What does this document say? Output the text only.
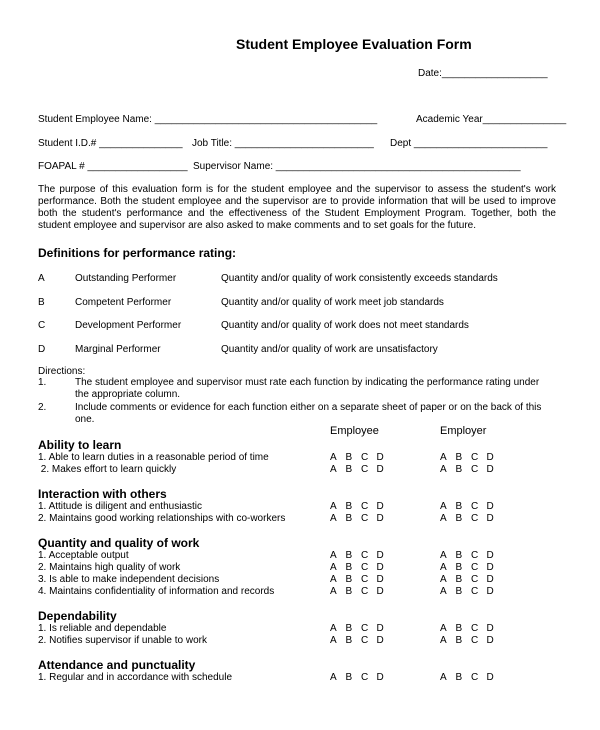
Student Employee Evaluation Form
Date:___________________
Student Employee Name: ________________________________________	Academic Year_______________
Student I.D.# _______________ Job Title: _________________________ Dept ________________________
FOAPAL # __________________ Supervisor Name: ____________________________________________
The purpose of this evaluation form is for the student employee and the supervisor to assess the student's work performance. Both the student employee and the supervisor are to provide information that will be used to improve both the student's performance and the effectiveness of the Student Employment Program. Together, both the student employee and supervisor are also asked to make comments and to set goals for the future.
Definitions for performance rating:
A	Outstanding Performer	Quantity and/or quality of work consistently exceeds standards
B	Competent Performer	Quantity and/or quality of work meet job standards
C	Development Performer	Quantity and/or quality of work does not meet standards
D	Marginal Performer	Quantity and/or quality of work are unsatisfactory
Directions:
1.	The student employee and supervisor must rate each function by indicating the performance rating under
the appropriate column.
2.	Include comments or evidence for each function either on a separate sheet of paper or on the back of this
one.
Employee	Employer
Ability to learn
1. Able to learn duties in a reasonable period of time	A B C D	A B C D
2. Makes effort to learn quickly	A B C D	A B C D
Interaction with others
1. Attitude is diligent and enthusiastic	A B C D	A B C D
2. Maintains good working relationships with co-workers	A B C D	A B C D
Quantity and quality of work
1. Acceptable output	A B C D	A B C D
2. Maintains high quality of work	A B C D	A B C D
3. Is able to make independent decisions	A B C D	A B C D
4. Maintains confidentiality of information and records	A B C D	A B C D
Dependability
1. Is reliable and dependable	A B C D	A B C D
2. Notifies supervisor if unable to work	A B C D	A B C D
Attendance and punctuality
1. Regular and in accordance with schedule	A B C D	A B C D
